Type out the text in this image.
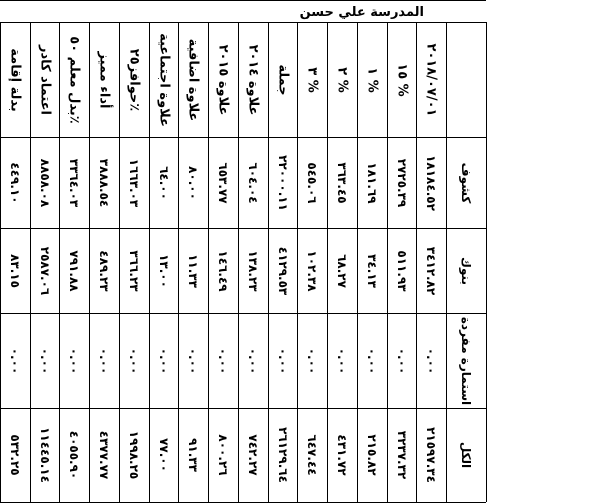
المدرسة علي حسن
بدلة إقامة اعتماد كادر
بدل معلم ٥٠٪
أداء مميز حوافز٢٥٪ علاوة اجتماعية علاوة اضافية علاوة ٢٠١٥
علاوة ٢٠١٤ جملة ٣ %
٢ %
١ %
١٥ % ٢٠١٨/٠٧/٠١
٤٤٩.١٠ ٨٨٥٨.٠٨ ٣٣٦٤.٠٣ ٣٨٨٨.٥٤ ١٦٦٣.٠٣ ٦٤.٠٠ ٨٠.٠٠ ٦٥٣.٧٧ ٦٠٤.٠٤ ٢٢٠٠٠.١١ ٥٤٥.٠٦ ٣٦٣.٤٥ ١٨١.٦٩ ٢٧٢٥.٣٩ ١٨١٨٤.٥٢
٨٣.١٥ ٢٥٨٧.٠٦ ٧٩١.٨٨ ٤٨٩.٢٣ ٣٦٦.٢٣ ١٣.٠٠ ١١.٣٣ ١٤٦.٤٩ ١٣٨.٢٣ ٤١٢٩.٥٣ ١٠٢.٣٨ ٦٨.٢٧ ٣٤.١٣ ٥١١.٩٣ ٣٤١٢.٨٢
٠.٠٠ ٠.٠٠ ٠.٠٠ ٠.٠٠ ٠.٠٠ ٠.٠٠ ٠.٠٠ ٠.٠٠ ٠.٠٠ ٠.٠٠ ٠.٠٠ ٠.٠٠ ٠.٠٠ ٠.٠٠ ٠.٠٠
٥٣٢.٢٥ ١١٤٤٥.١٤ ٤٠٥٥.٩٠ ٤٣٧٧.٧٧ ١٩٩٨.٢٥ ٧٧.٠٠ ٩١.٣٣ ٨٠٠.٢٦ ٧٤٢.٢٧ ٢٦١٢٩.٦٤ ٦٤٧.٤٤ ٤٣١.٧٢ ٢١٥.٨٢ ٣٢٣٧.٣٢ ٢١٥٩٧.٣٤
كشوف
بنوك
استمارة مفردة
الكل
